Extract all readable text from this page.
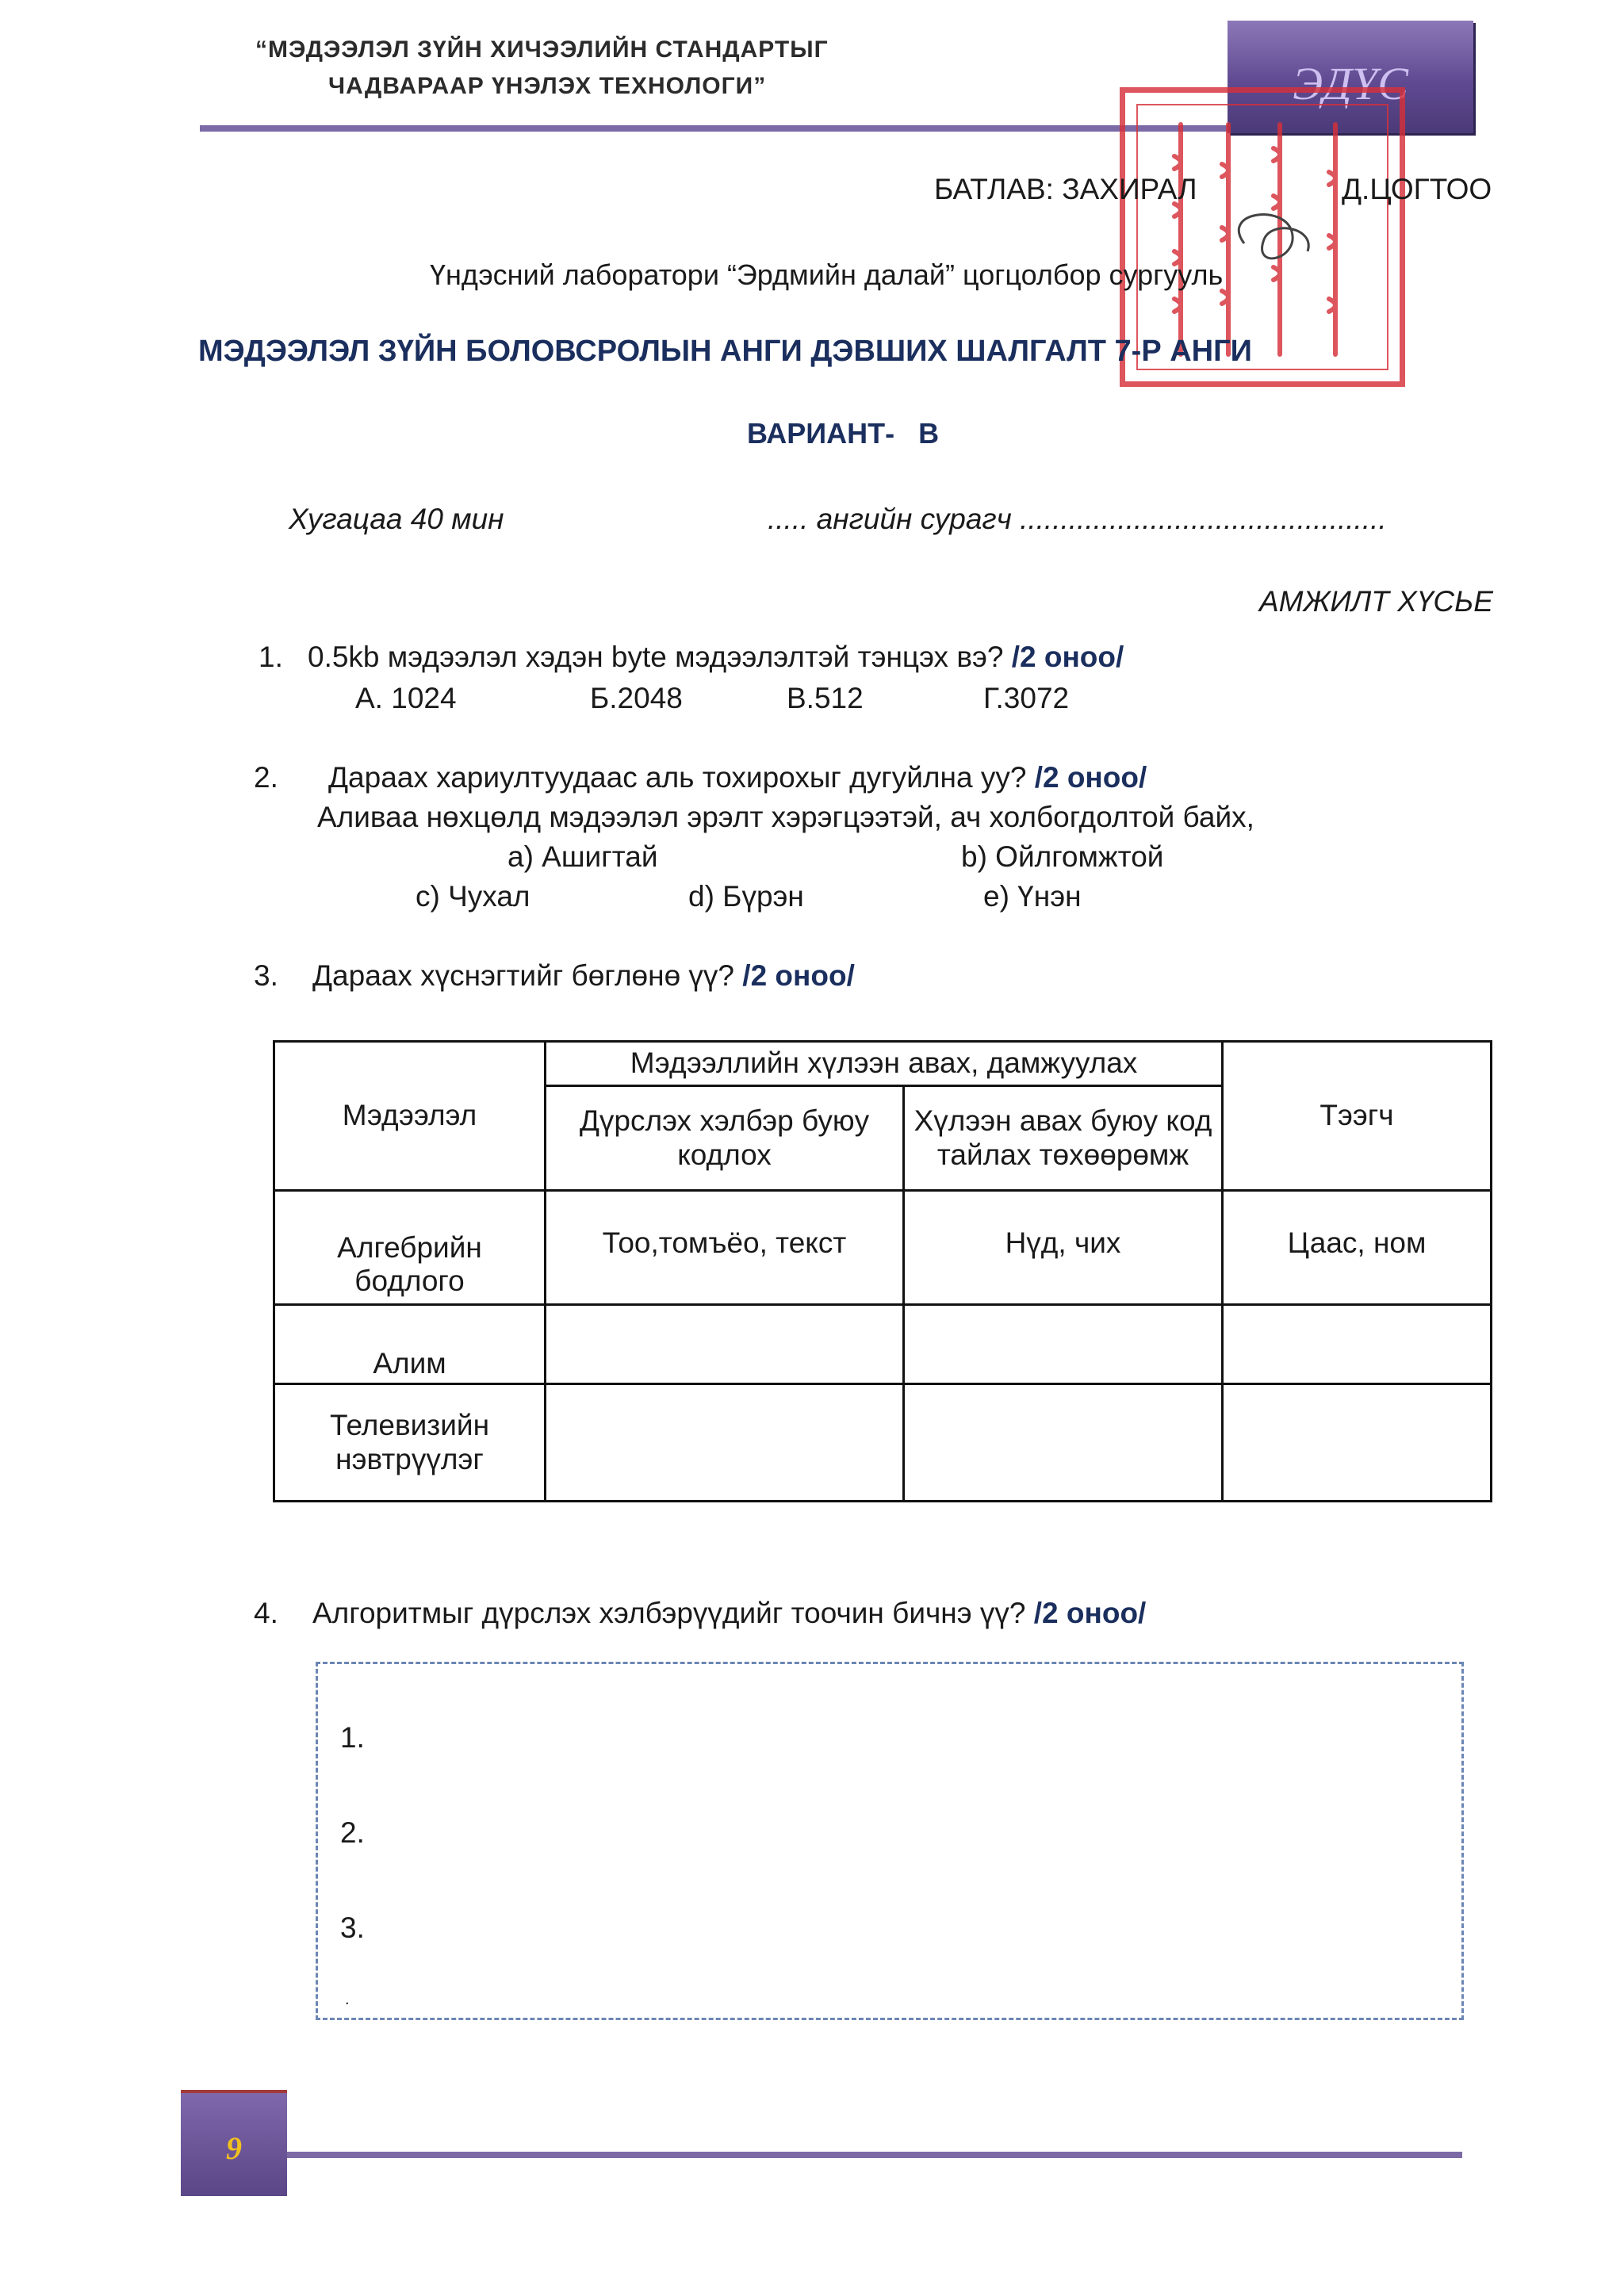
“МЭДЭЭЛЭЛ ЗҮЙН ХИЧЭЭЛИЙН СТАНДАРТЫГ
ЧАДВАРААР ҮНЭЛЭХ ТЕХНОЛОГИ”	ЭДҮС
БАТЛАВ: ЗАХИРАЛ	Д.ЦОГТОО
Үндэсний лаборатори “Эрдмийн далай” цогцолбор сургууль
МЭДЭЭЛЭЛ ЗҮЙН БОЛОВСРОЛЫН АНГИ ДЭВШИХ ШАЛГАЛТ 7-Р АНГИ
ВАРИАНТ-   В
Хугацаа 40 мин	..... ангийн сурагч .............................................
АМЖИЛТ ХҮСЬЕ
1. 0.5kb мэдээлэл хэдэн byte мэдээлэлтэй тэнцэх вэ? /2 оноо/
А. 1024	Б.2048	В.512	Г.3072
2. Дараах хариултуудаас аль тохирохыг дугуйлна уу? /2 оноо/
Аливаа нөхцөлд мэдээлэл эрэлт хэрэгцээтэй, ач холбогдолтой байх,
a) Ашигтай	b) Ойлгомжтой
c) Чухал	d) Бүрэн	e) Үнэн
3. Дараах хүснэгтийг бөглөнө үү? /2 оноо/
Мэдээлэл	Мэдээллийн хүлээн авах, дамжуулах		Тээгч
	Дүрслэх хэлбэр буюу кодлох	Хүлээн авах буюу код тайлах төхөөрөмж	
Алгебрийн бодлого	Тоо,томъёо, текст	Нүд, чих	Цаас, ном
Алим			
Телевизийн нэвтрүүлэг			
4. Алгоритмыг дүрслэх хэлбэрүүдийг тоочин бичнэ үү? /2 оноо/
1.
2.
3.
.
9
